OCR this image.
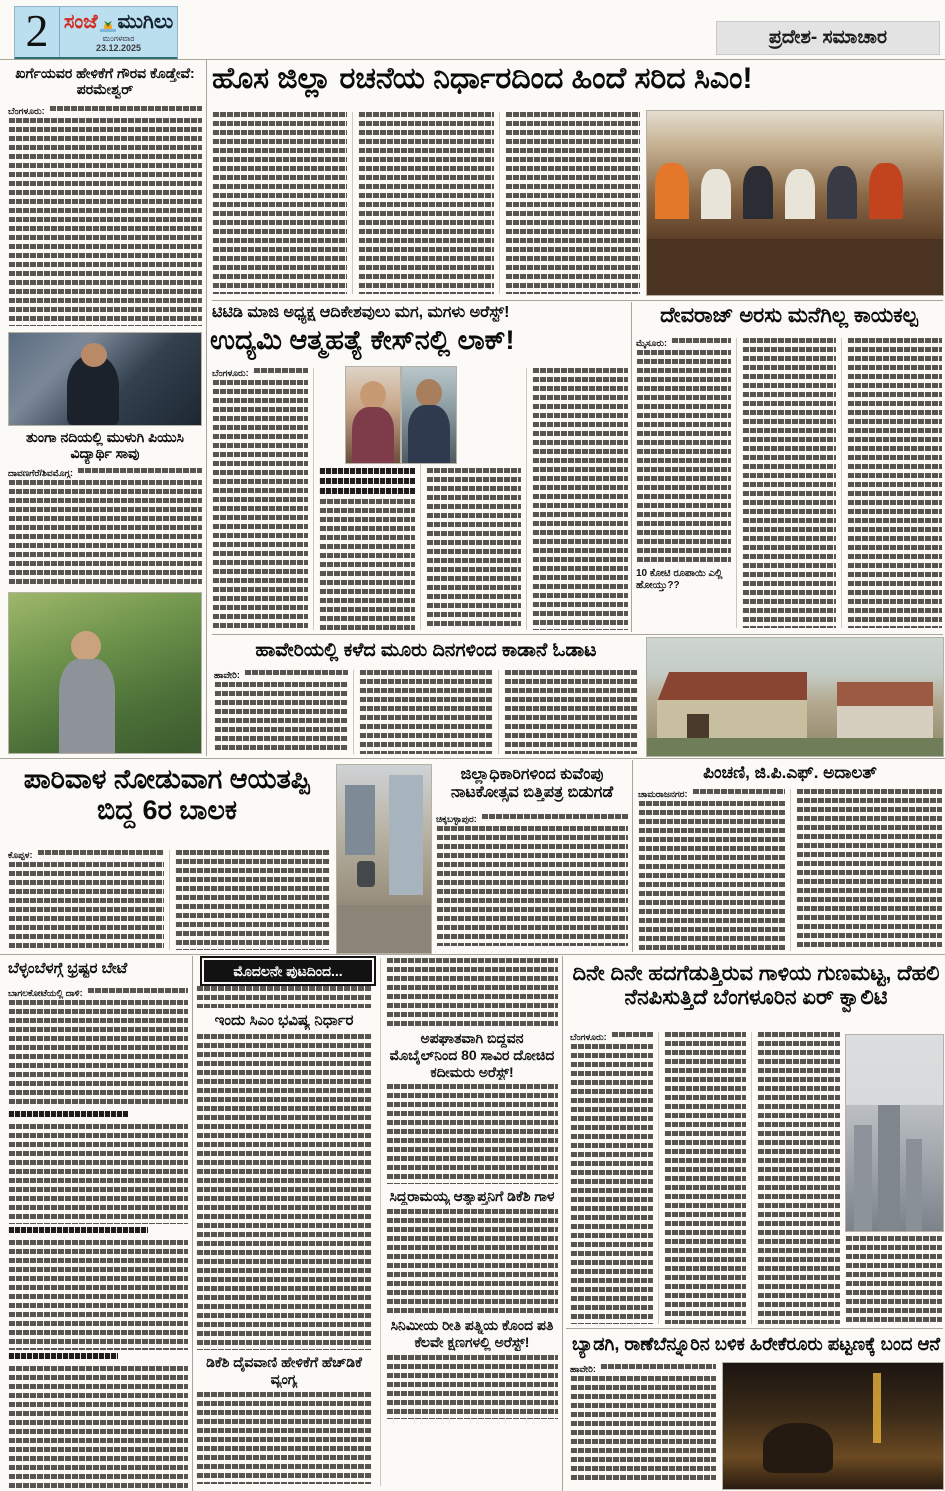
2 ಸಂಜೆ ಮುಗಿಲು
ಮಂಗಳವಾರ
23.12.2025	ಪ್ರದೇಶ- ಸಮಾಚಾರ
ಖರ್ಗೆಯವರ ಹೇಳಿಕೆಗೆ ಗೌರವ ಕೊಡ್ತೇವೆ: ಪರಮೇಶ್ವರ್
ಬೆಂಗಳೂರು:
ತುಂಗಾ ನದಿಯಲ್ಲಿ ಮುಳುಗಿ ಪಿಯುಸಿ ವಿದ್ಯಾರ್ಥಿ ಸಾವು
ದಾವಣಗೆರೆ/ಶಿವಮೊಗ್ಗ:
ಹೊಸ ಜಿಲ್ಲಾ ರಚನೆಯ ನಿರ್ಧಾರದಿಂದ ಹಿಂದೆ ಸರಿದ ಸಿಎಂ!
ಟಿಟಿಡಿ ಮಾಜಿ ಅಧ್ಯಕ್ಷ ಆದಿಕೇಶವುಲು ಮಗ, ಮಗಳು ಅರೆಸ್ಟ್!
ಉದ್ಯಮಿ ಆತ್ಮಹತ್ಯೆ ಕೇಸ್‌ನಲ್ಲಿ ಲಾಕ್!
ಬೆಂಗಳೂರು:
ದೇವರಾಜ್ ಅರಸು ಮನೆಗಿಲ್ಲ ಕಾಯಕಲ್ಪ
ಮೈಸೂರು:
10 ಕೋಟಿ ರೂಪಾಯಿ ಎಲ್ಲಿ ಹೋಯ್ತು??
ಹಾವೇರಿಯಲ್ಲಿ ಕಳೆದ ಮೂರು ದಿನಗಳಿಂದ ಕಾಡಾನೆ ಓಡಾಟ
ಹಾವೇರಿ:
ಪಾರಿವಾಳ ನೋಡುವಾಗ ಆಯತಪ್ಪಿ ಬಿದ್ದ 6ರ ಬಾಲಕ
ಕೊಪ್ಪಳ:
ಜಿಲ್ಲಾಧಿಕಾರಿಗಳಿಂದ ಕುವೆಂಪು ನಾಟಕೋತ್ಸವ ಬಿತ್ತಿಪತ್ರ ಬಿಡುಗಡೆ
ಚಿಕ್ಕಬಳ್ಳಾಪುರ:
ಪಿಂಚಣಿ, ಜಿ.ಪಿ.ಎಫ್. ಅದಾಲತ್
ಚಾಮರಾಜನಗರ:
ಬೆಳ್ಳಂಬೆಳಗ್ಗೆ ಭ್ರಷ್ಟರ ಬೇಟೆ
ಬಾಗಲಕೋಟೆಯಲ್ಲಿ ದಾಳಿ:
ಮೊದಲನೇ ಪುಟದಿಂದ...
ಇಂದು ಸಿಎಂ ಭವಿಷ್ಯ ನಿರ್ಧಾರ
ಡಿಕೆಶಿ ದೈವವಾಣಿ ಹೇಳಿಕೆಗೆ ಹೆಚ್‌ಡಿಕೆ ವ್ಯಂಗ್ಯ
ಅಪಘಾತವಾಗಿ ಬಿದ್ದವನ ಮೊಬೈಲ್‌ನಿಂದ 80 ಸಾವಿರ ದೋಚಿದ ಕದೀಮರು ಅರೆಸ್ಟ್!
ಸಿದ್ದರಾಮಯ್ಯ ಆತ್ಯಾಪ್ತನಿಗೆ ಡಿಕೆಶಿ ಗಾಳ
ಸಿನಿಮೀಯ ರೀತಿ ಪತ್ನಿಯ ಕೊಂದ ಪತಿ ಕೆಲವೇ ಕ್ಷಣಗಳಲ್ಲಿ ಅರೆಸ್ಟ್!
ದಿನೇ ದಿನೇ ಹದಗೆಡುತ್ತಿರುವ ಗಾಳಿಯ ಗುಣಮಟ್ಟ, ದೆಹಲಿ ನೆನಪಿಸುತ್ತಿದೆ ಬೆಂಗಳೂರಿನ ಏರ್ ಕ್ವಾಲಿಟಿ
ಬೆಂಗಳೂರು:
ಬ್ಯಾಡಗಿ, ರಾಣೆಬೆನ್ನೂರಿನ ಬಳಿಕ ಹಿರೇಕೆರೂರು ಪಟ್ಟಣಕ್ಕೆ ಬಂದ ಆನೆ
ಹಾವೇರಿ:
